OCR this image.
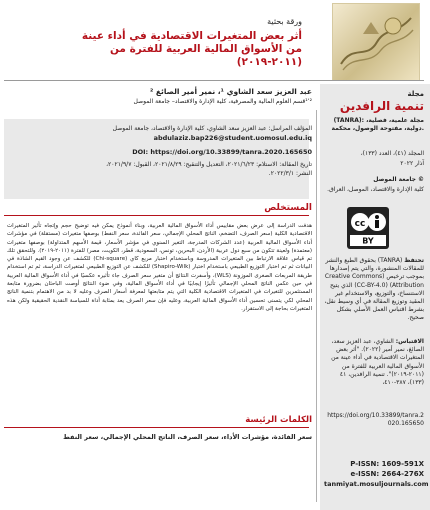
ورقة بحثية
أثر بعض المتغيرات الاقتصادية في أداء عينة من الأسواق المالية العربية للفترة من (٢٠١١-٢٠١٩)
مجلة
تنمية الرافدين
(TANRA): مجلة علمية، فصلية، دولية، مفتوحة الوصول، محكمة.
المجلد (٤١)، العدد (١٣٣)،
آذار ٢٠٢٢
© جامعة الموصل
كلية الإدارة والاقتصاد، الموصل، العراق.
cc
BY
تحتفظ (TANRA) بحقوق الطبع والنشر للمقالات المنشورة، والتي يتم إصدارها بموجب ترخيص (Creative Commons Attribution) (CC-BY-4.0) الذي يتيح الاستنساخ، والتوزيع، والاستخدام غير المقيد وتوزيع المقالة في أي وسيط نقل، بشرط اقتباس العمل الأصلي بشكل صحيح.
الاقتباس: الشاوي، عبد العزيز سعد، الصائغ، نمير أمير (٢٠٢٢). "أثر بعض المتغيرات الاقتصادية في أداء عينة من الأسواق المالية العربية للفترة من (٢٠١١-٢٠١٩)". تنمية الرافدين، ٤١ (١٣٣)، ٣٨٧-٤١٠،
https://doi.org/10.33899/tanra.2020.165650
P-ISSN: 1609-591X
e-ISSN: 2664-276X
tanmiyat.mosuljournals.com
عبد العزيز سعد الشاوي ¹، نمير أمير الصائغ ²
¹٬²قسم العلوم المالية والمصرفية، كلية الإدارة والاقتصاد– جامعة الموصل
المؤلف المراسل: عبد العزيز سعد الشاوي، كلية الإدارة والاقتصاد، جامعة الموصل
abdulaziz.bap226@student.uomosul.edu.iq
DOI: https://doi.org/10.33899/tanra.2020.165650
تاريخ المقالة: الاستلام: ٢٠٢١/٦/٢٣، التعديل والتنقيح: ٢٠٢١/٨/٢٩، القبول: ٢٠٢١/٩/٧،
النشر: ٢٠٢٢/٣/١.
المستخلص
هدفت الدراسة إلى عرض بعض مقاييس أداء الأسواق المالية العربية، وبناء أنموذج يمكن فيه توضيح حجم وإتجاه تأثير المتغيرات الاقتصادية الكلية (سعر الصرف، التضخم، الناتج المحلي الإجمالي، سعر الفائدة، سعر النفط) بوصفها متغيرات (مستقلة) في مؤشرات أداء الأسواق المالية العربية (عدد الشركات المدرجة، التغير السنوي في مؤشر الأسعار، قيمة الأسهم المتداولة) بوصفها متغيرات (معتمدة) ولعينة تتكون من سبع دول عربية (الأردن، البحرين، تونس، السعودية، قطر، الكويت، مصر) للفترة (٢٠١١-٢٠١٩). وللتحقق تلك تم قياس علاقة الارتباط بين المتغيرات المدروسة وباستخدام اختبار مربع كاي (Chi-square) للكشف عن وجود القيم الشاذة في البيانات ثم تم اختبار التوزيع الطبيعي باستخدام اختبار (Shapiro-Wilk) للكشف عن التوزيع الطبيعي لمتغيرات الدراسة، ثم تم استخدام طريقة المربعات الصغرى الموزونة (WLS)، وأسفرت النتائج أن متغير سعر الصرف جاء تأثيره عكسيًا في أداء الأسواق المالية العربية في حين عكس الناتج المحلي الإجمالي تأثيرًا إيجابيًا في أداء الأسواق المالية، وفي ضوء النتائج أوصت الباحثان بضرورة متابعة المستثمرين للتغيرات في المتغيرات الاقتصادية الكلية التي يتم متابعتها لمعرفة أسعار الصرف وعليه لا بد من الاهتمام بتنمية الناتج المحلي لكي يتسنى تحسين أداء الأسواق المالية العربية، وعليه فإن سعر الصرف يعد بمثابة أداة للسياسة النقدية الحقيقية ولكن هذه المتغيرات بحاجة إلى الاستقرار.
الكلمات الرئيسة
سعر الفائدة، مؤشرات الأداء، سعر الصرف، الناتج المحلي الإجمالي، سعر النفط
